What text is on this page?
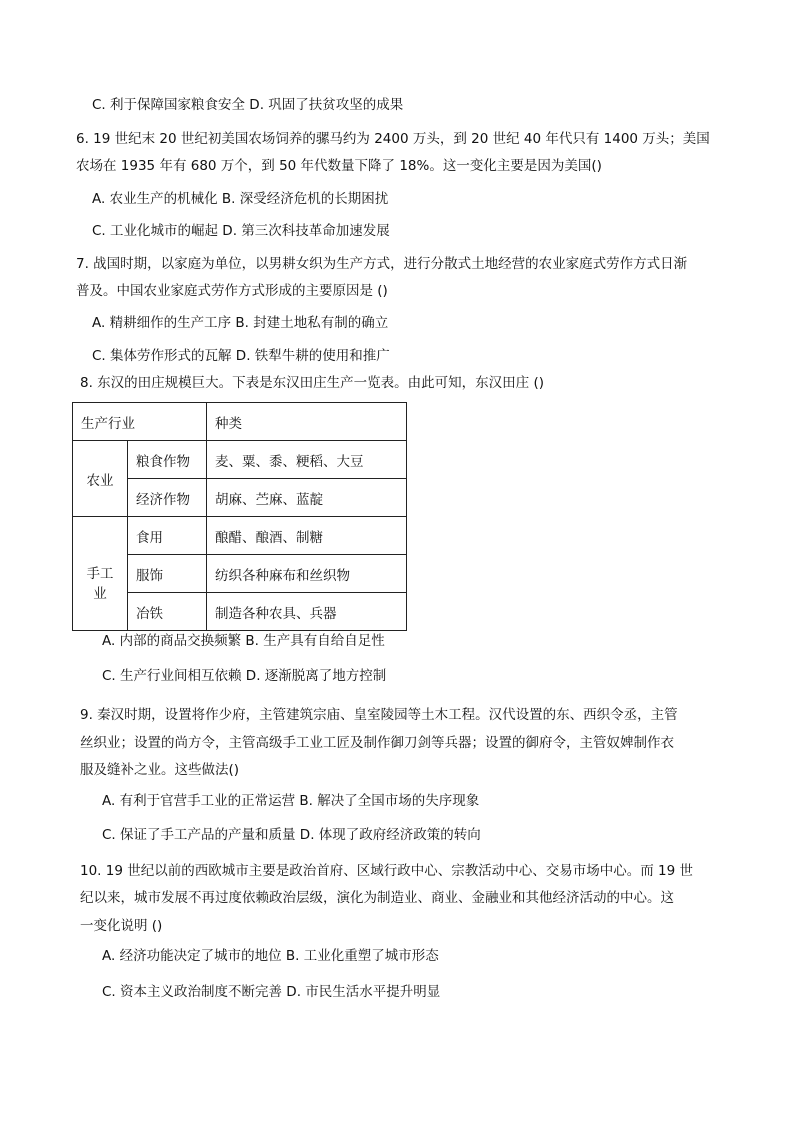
C. 利于保障国家粮食安全 D. 巩固了扶贫攻坚的成果
6. 19 世纪末 20 世纪初美国农场饲养的骡马约为 2400 万头，到 20 世纪 40 年代只有 1400 万头；美国
农场在 1935 年有 680 万个，到 50 年代数量下降了 18%。这一变化主要是因为美国()
A. 农业生产的机械化 B. 深受经济危机的长期困扰
C. 工业化城市的崛起 D. 第三次科技革命加速发展
7. 战国时期，以家庭为单位，以男耕女织为生产方式，进行分散式土地经营的农业家庭式劳作方式日渐
普及。中国农业家庭式劳作方式形成的主要原因是 ()
A. 精耕细作的生产工序 B. 封建土地私有制的确立
C. 集体劳作形式的瓦解 D. 铁犁牛耕的使用和推广
8. 东汉的田庄规模巨大。下表是东汉田庄生产一览表。由此可知，东汉田庄 ()
生产行业		种类
农业	粮食作物	麦、粟、黍、粳稻、大豆
	经济作物	胡麻、苎麻、蓝靛
手工业	食用	酿醋、酿酒、制糖
	服饰	纺织各种麻布和丝织物
	冶铁	制造各种农具、兵器
A. 内部的商品交换频繁 B. 生产具有自给自足性
C. 生产行业间相互依赖 D. 逐渐脱离了地方控制
9. 秦汉时期，设置将作少府，主管建筑宗庙、皇室陵园等土木工程。汉代设置的东、西织令丞，主管
丝织业；设置的尚方令，主管高级手工业工匠及制作御刀剑等兵器；设置的御府令，主管奴婢制作衣
服及缝补之业。这些做法()
A. 有利于官营手工业的正常运营 B. 解决了全国市场的失序现象
C. 保证了手工产品的产量和质量 D. 体现了政府经济政策的转向
10. 19 世纪以前的西欧城市主要是政治首府、区域行政中心、宗教活动中心、交易市场中心。而 19 世
纪以来，城市发展不再过度依赖政治层级，演化为制造业、商业、金融业和其他经济活动的中心。这
一变化说明 ()
A. 经济功能决定了城市的地位 B. 工业化重塑了城市形态
C. 资本主义政治制度不断完善 D. 市民生活水平提升明显
